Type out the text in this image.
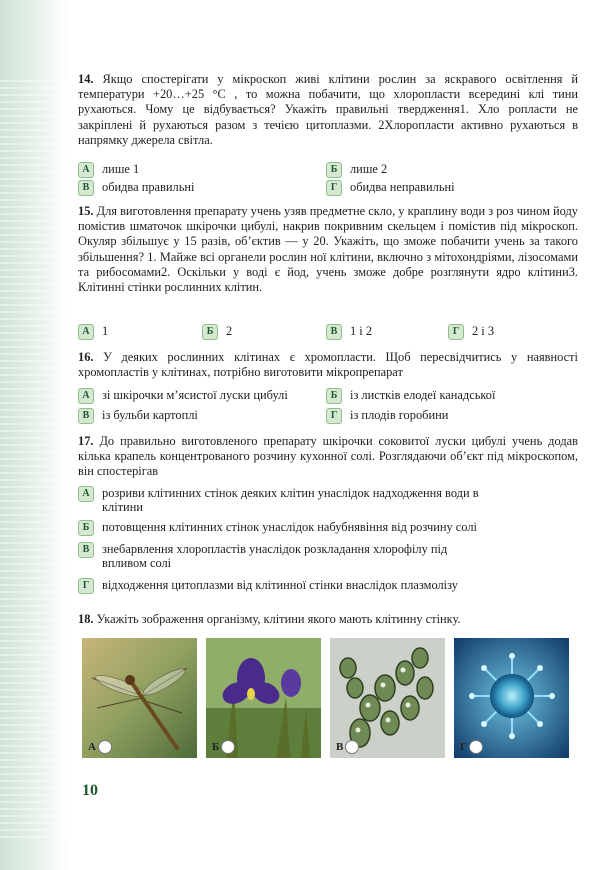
14. Якщо спостерігати у мікроскоп живі клітини рослин за яскравого освітлення й температури +20…+25 °С , то можна побачити, що хлоропласти всередині клі тини рухаються. Чому це відбувається? Укажіть правильні твердження1. Хло ропласти не закріплені й рухаються разом з течією цитоплазми. 2Хлоропласти активно рухаються в напрямку джерела світла.
А лише 1	Б	лише 2
В	обидва правильні	Г	обидва неправильні
15. Для виготовлення препарату учень узяв предметне скло, у краплину води з роз чином йоду помістив шматочок шкірочки цибулі, накрив покривним скельцем і помістив під мікроскоп. Окуляр збільшує у 15 разів, об’єктив — у 20. Укажіть, що зможе побачити учень за такого збільшення? 1. Майже всі органели рослин ної клітини, включно з мітохондріями, лізосомами та рибосомами2. Оскільки у воді є йод, учень зможе добре розглянути ядро клітини3. Клітинні стінки рослинних клітин.
А 1	Б	2	В	1 і 2	Г	2 і 3
16. У деяких рослинних клітинах є хромопласти. Щоб пересвідчитись у наявності хромопластів у клітинах, потрібно виготовити мікропрепарат
А зі шкірочки м’ясистої луски цибулі	Б	із листків елодеї канадської
В	із бульби картоплі	Г	із плодів горобини
17. До правильно виготовленого препарату шкірочки соковитої луски цибулі учень додав кілька крапель концентрованого розчину кухонної солі. Розглядаючи об’єкт під мікроскопом, він спостерігав
А розриви клітинних стінок деяких клітин унаслідок надходження води в клітини
Б	потовщення клітинних стінок унаслідок набубнявіння від розчину солі
В	знебарвлення хлоропластів унаслідок розкладання хлорофілу під впливом солі
Г	відходження цитоплазми від клітинної стінки внаслідок плазмолізу
18. Укажіть зображення організму, клітини якого мають клітинну стінку.
А	Б	В	Г
10
